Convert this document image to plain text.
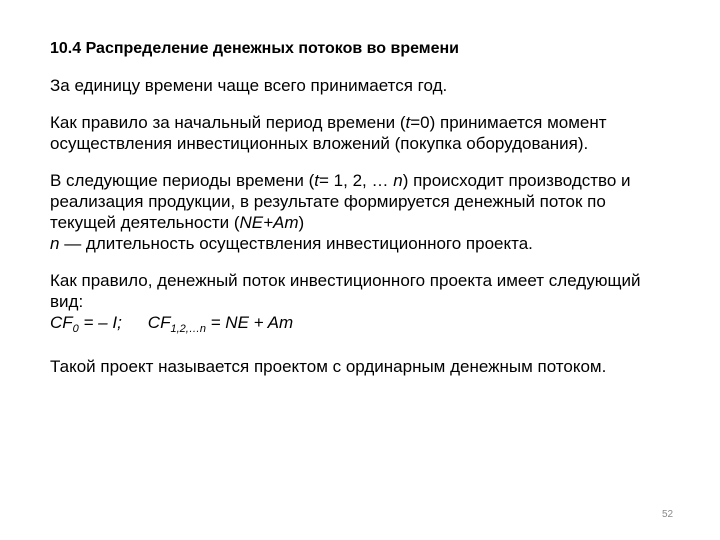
10.4 Распределение денежных потоков во времени
За единицу времени чаще всего принимается год.
Как правило за начальный период времени (t=0) принимается момент
осуществления инвестиционных вложений (покупка оборудования).
В следующие периоды времени (t= 1, 2, … n) происходит производство и
реализация продукции, в результате формируется денежный поток по
текущей деятельности (NE+Am)
n — длительность осуществления инвестиционного проекта.
Как правило, денежный поток инвестиционного проекта имеет следующий
вид:
$CF_0$ = – I; $CF_{1,2,\dots n}$ = NE + Am
Такой проект называется проектом с ординарным денежным потоком.
52
